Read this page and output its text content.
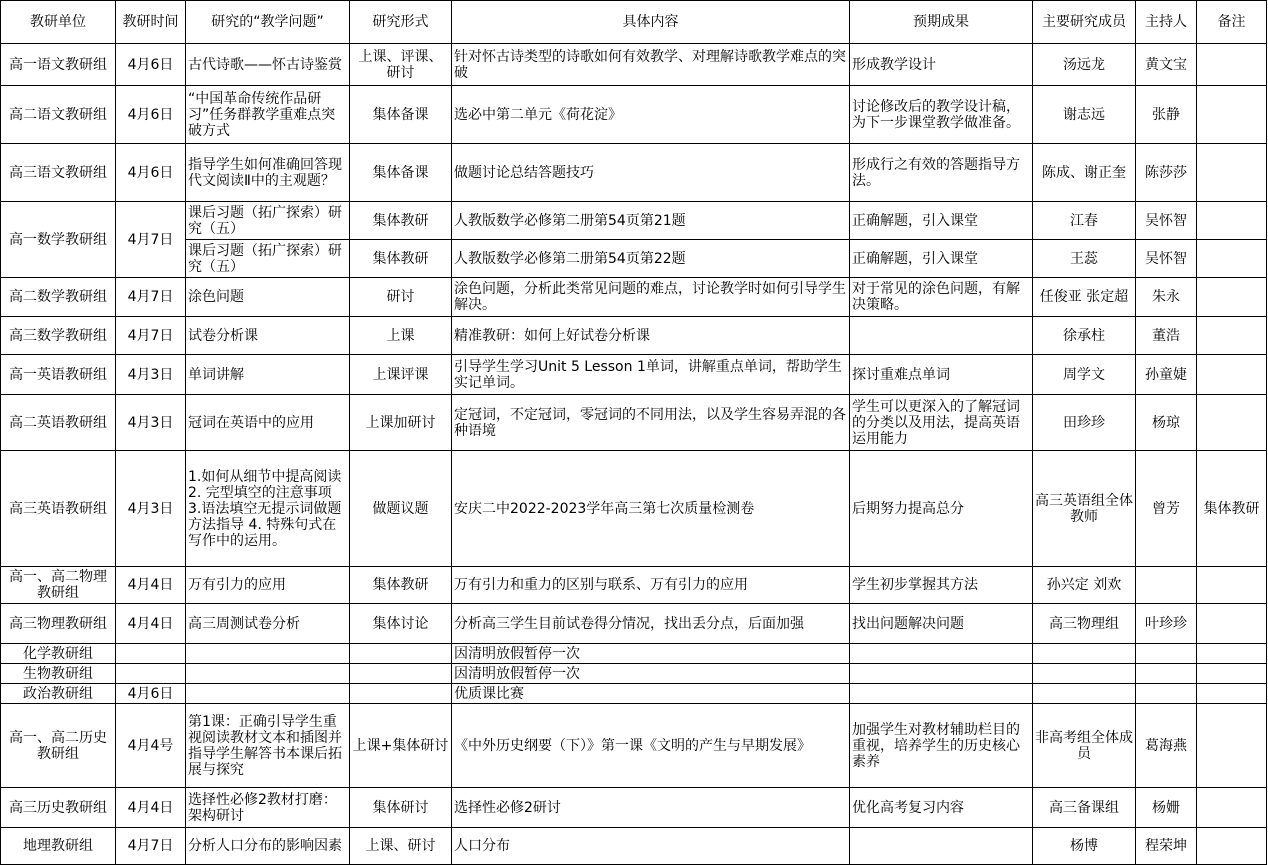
教研单位	教研时间	研究的“教学问题”	研究形式	具体内容	预期成果	主要研究成员	主持人	备注
高一语文教研组	4月6日	古代诗歌——怀古诗鉴赏	上课、评课、研讨	针对怀古诗类型的诗歌如何有效教学、对理解诗歌教学难点的突破	形成教学设计	汤远龙	黄文宝	
高二语文教研组	4月6日	“中国革命传统作品研习”任务群教学重难点突破方式	集体备课	选必中第二单元《荷花淀》	讨论修改后的教学设计稿，为下一步课堂教学做准备。	谢志远	张静	
高三语文教研组	4月6日	指导学生如何准确回答现代文阅读Ⅱ中的主观题？	集体备课	做题讨论总结答题技巧	形成行之有效的答题指导方法。	陈成、谢正奎	陈莎莎	
高一数学教研组	4月7日	课后习题（拓广探索）研究（五）	集体教研	人教版数学必修第二册第54页第21题	正确解题，引入课堂	江春	吴怀智	
		课后习题（拓广探索）研究（五）	集体教研	人教版数学必修第二册第54页第22题	正确解题，引入课堂	王蕊	吴怀智	
高二数学教研组	4月7日	涂色问题	研讨	涂色问题，分析此类常见问题的难点，讨论教学时如何引导学生解决。	对于常见的涂色问题，有解决策略。	任俊亚 张定超	朱永	
高三数学教研组	4月7日	试卷分析课	上课	精准教研：如何上好试卷分析课		徐承柱	董浩	
高一英语教研组	4月3日	单词讲解	上课评课	引导学生学习Unit 5 Lesson 1单词，讲解重点单词，帮助学生实记单词。	探讨重难点单词	周学文	孙童婕	
高二英语教研组	4月3日	冠词在英语中的应用	上课加研讨	定冠词，不定冠词，零冠词的不同用法，以及学生容易弄混的各种语境	学生可以更深入的了解冠词的分类以及用法，提高英语运用能力	田珍珍	杨琼	
高三英语教研组	4月3日	1.如何从细节中提高阅读2. 完型填空的注意事项 3.语法填空无提示词做题方法指导 4. 特殊句式在写作中的运用。	做题议题	安庆二中2022-2023学年高三第七次质量检测卷	后期努力提高总分	高三英语组全体教师	曾芳	集体教研
高一、高二物理教研组	4月4日	万有引力的应用	集体教研	万有引力和重力的区别与联系、万有引力的应用	学生初步掌握其方法	孙兴定 刘欢		
高三物理教研组	4月4日	高三周测试卷分析	集体讨论	分析高三学生目前试卷得分情况，找出丢分点，后面加强	找出问题解决问题	高三物理组	叶珍珍	
化学教研组				因清明放假暂停一次				
生物教研组				因清明放假暂停一次				
政治教研组	4月6日			优质课比赛				
高一、高二历史教研组	4月4号	第1课：正确引导学生重视阅读教材文本和插图并指导学生解答书本课后拓展与探究	上课+集体研讨	《中外历史纲要（下）》第一课《文明的产生与早期发展》	加强学生对教材辅助栏目的重视，培养学生的历史核心素养	非高考组全体成员	葛海燕	
高三历史教研组	4月4日	选择性必修2教材打磨：架构研讨	集体研讨	选择性必修2研讨	优化高考复习内容	高三备课组	杨姗	
地理教研组	4月7日	分析人口分布的影响因素	上课、研讨	人口分布		杨博	程荣坤	
